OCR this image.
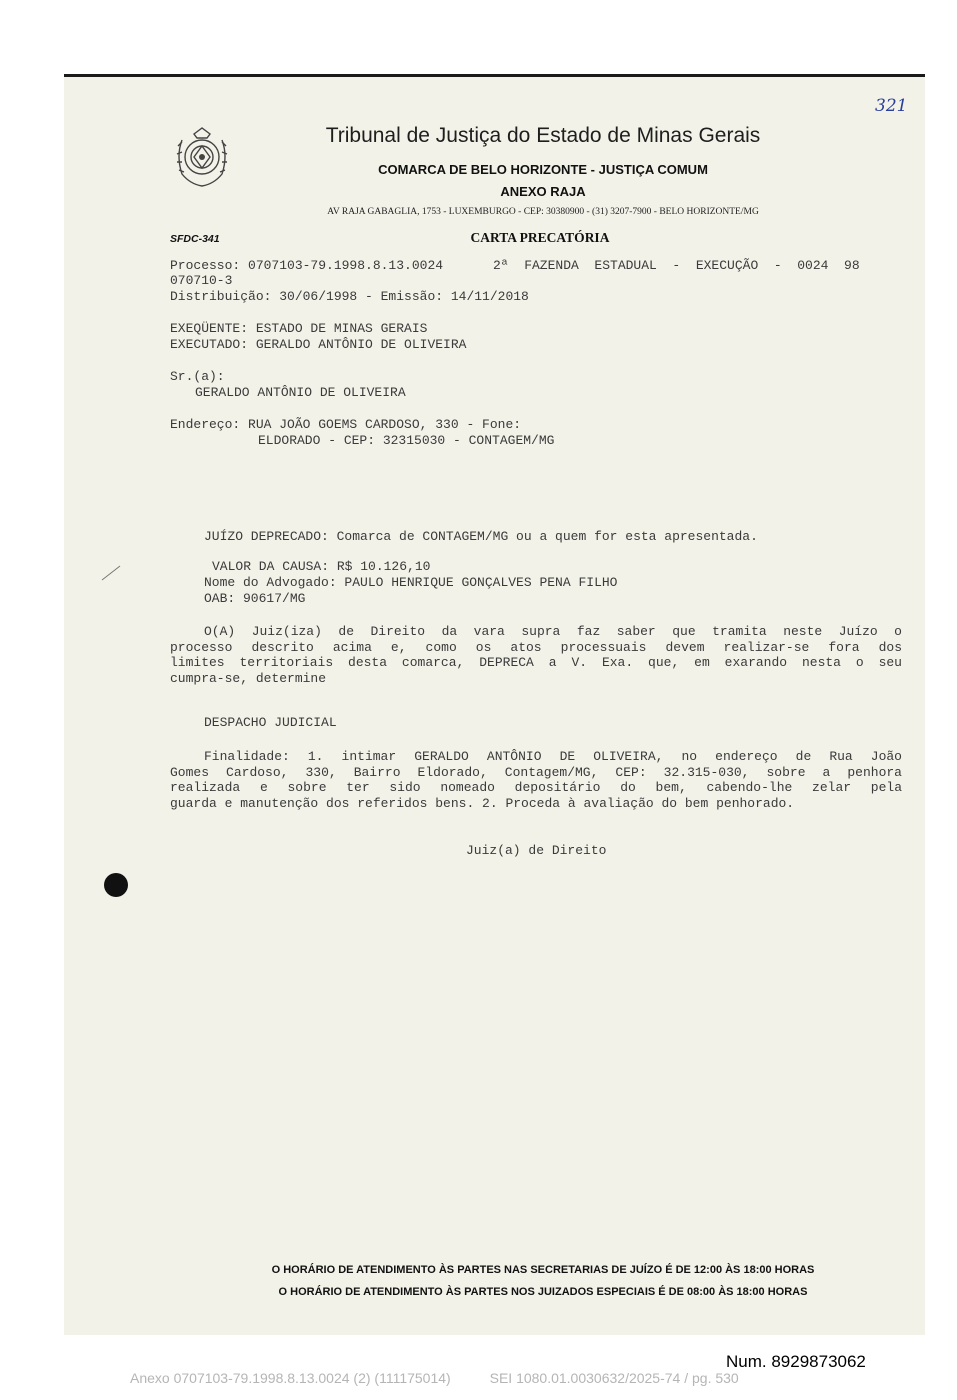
321
Tribunal de Justiça do Estado de Minas Gerais
COMARCA DE BELO HORIZONTE - JUSTIÇA COMUM
ANEXO RAJA
AV RAJA GABAGLIA, 1753 - LUXEMBURGO - CEP: 30380900 - (31) 3207-7900 - BELO HORIZONTE/MG
SFDC-341	CARTA PRECATÓRIA
Processo: 0707103-79.1998.8.13.0024	2ª  FAZENDA  ESTADUAL  -  EXECUÇÃO  -  0024  98
070710-3
Distribuição: 30/06/1998 - Emissão: 14/11/2018
EXEQÜENTE: ESTADO DE MINAS GERAIS
EXECUTADO: GERALDO ANTÔNIO DE OLIVEIRA
Sr.(a):
GERALDO ANTÔNIO DE OLIVEIRA
Endereço: RUA JOÃO GOEMS CARDOSO, 330 - Fone:
ELDORADO - CEP: 32315030 - CONTAGEM/MG
JUÍZO DEPRECADO: Comarca de CONTAGEM/MG ou a quem for esta apresentada.
VALOR DA CAUSA: R$ 10.126,10
Nome do Advogado: PAULO HENRIQUE GONÇALVES PENA FILHO
OAB: 90617/MG
O(A) Juiz(iza) de Direito da vara supra faz saber que tramita neste Juízo o
processo descrito acima e, como os atos processuais devem realizar-se fora dos
limites territoriais desta comarca, DEPRECA a V. Exa. que, em exarando nesta o seu
cumpra-se, determine
DESPACHO JUDICIAL
Finalidade: 1. intimar GERALDO ANTÔNIO DE OLIVEIRA, no endereço de Rua João
Gomes Cardoso, 330, Bairro Eldorado, Contagem/MG, CEP: 32.315-030, sobre a penhora
realizada e sobre ter sido nomeado depositário do bem, cabendo-lhe zelar pela
guarda e manutenção dos referidos bens. 2. Proceda à avaliação do bem penhorado.
Juiz(a) de Direito
O HORÁRIO DE ATENDIMENTO ÀS PARTES NAS SECRETARIAS DE JUÍZO É DE 12:00 ÀS 18:00 HORAS
O HORÁRIO DE ATENDIMENTO ÀS PARTES NOS JUIZADOS ESPECIAIS É DE 08:00 ÀS 18:00 HORAS
Num. 8929873062
Anexo 0707103-79.1998.8.13.0024 (2) (111175014)	SEI 1080.01.0030632/2025-74 / pg. 530
